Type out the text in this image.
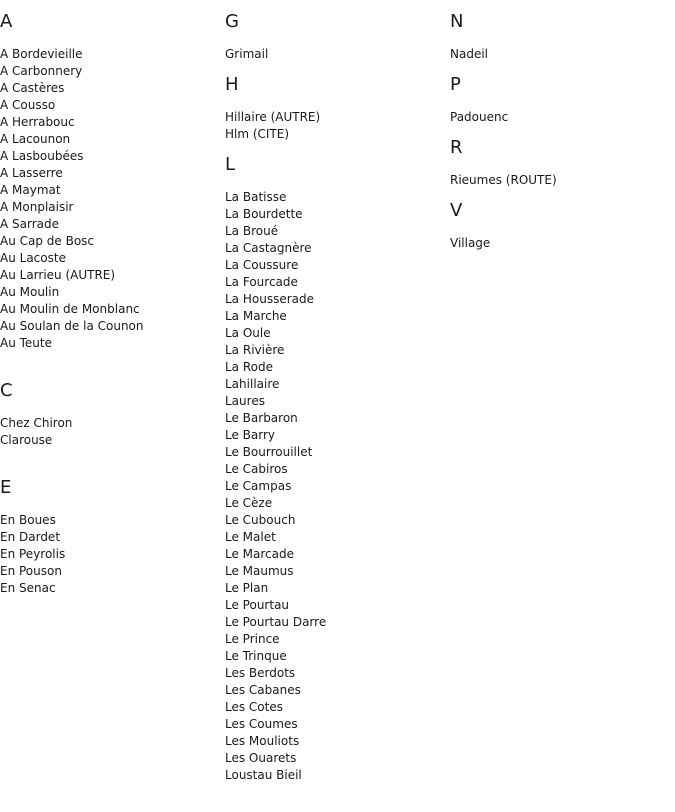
A
A Bordevieille
A Carbonnery
A Castères
A Cousso
A Herrabouc
A Lacounon
A Lasboubées
A Lasserre
A Maymat
A Monplaisir
A Sarrade
Au Cap de Bosc
Au Lacoste
Au Larrieu (AUTRE)
Au Moulin
Au Moulin de Monblanc
Au Soulan de la Counon
Au Teute
C
Chez Chiron
Clarouse
E
En Boues
En Dardet
En Peyrolis
En Pouson
En Senac
G
Grimail
H
Hillaire (AUTRE)
Hlm (CITE)
L
La Batisse
La Bourdette
La Broué
La Castagnère
La Coussure
La Fourcade
La Housserade
La Marche
La Oule
La Rivière
La Rode
Lahillaire
Laures
Le Barbaron
Le Barry
Le Bourrouillet
Le Cabiros
Le Campas
Le Cèze
Le Cubouch
Le Malet
Le Marcade
Le Maumus
Le Plan
Le Pourtau
Le Pourtau Darre
Le Prince
Le Trinque
Les Berdots
Les Cabanes
Les Cotes
Les Coumes
Les Mouliots
Les Ouarets
Loustau Bieil
N
Nadeil
P
Padouenc
R
Rieumes (ROUTE)
V
Village
